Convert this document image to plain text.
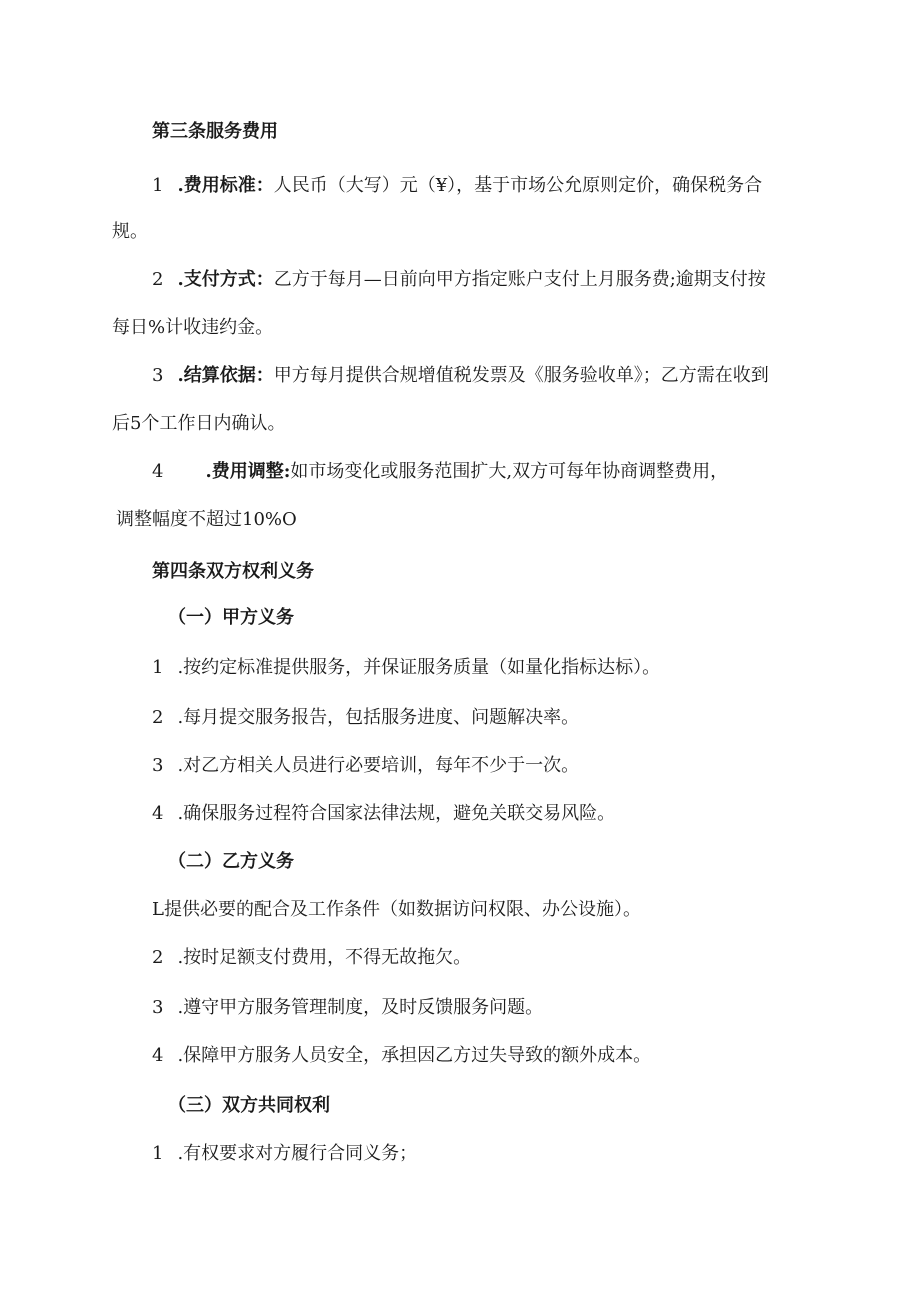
第三条服务费用
1 .费用标准：人民币（大写）元（¥），基于市场公允原则定价，确保税务合
规。
2 .支付方式：乙方于每月—日前向甲方指定账户支付上月服务费;逾期支付按
每日%计收违约金。
3 .结算依据：甲方每月提供合规增值税发票及《服务验收单》；乙方需在收到
后5个工作日内确认。
4 .费用调整:如市场变化或服务范围扩大,双方可每年协商调整费用，
调整幅度不超过10%O
第四条双方权利义务
（一）甲方义务
1 .按约定标准提供服务，并保证服务质量（如量化指标达标）。
2 .每月提交服务报告，包括服务进度、问题解决率。
3 .对乙方相关人员进行必要培训，每年不少于一次。
4 .确保服务过程符合国家法律法规，避免关联交易风险。
（二）乙方义务
L提供必要的配合及工作条件（如数据访问权限、办公设施）。
2 .按时足额支付费用，不得无故拖欠。
3 .遵守甲方服务管理制度，及时反馈服务问题。
4 .保障甲方服务人员安全，承担因乙方过失导致的额外成本。
（三）双方共同权利
1 .有权要求对方履行合同义务；
